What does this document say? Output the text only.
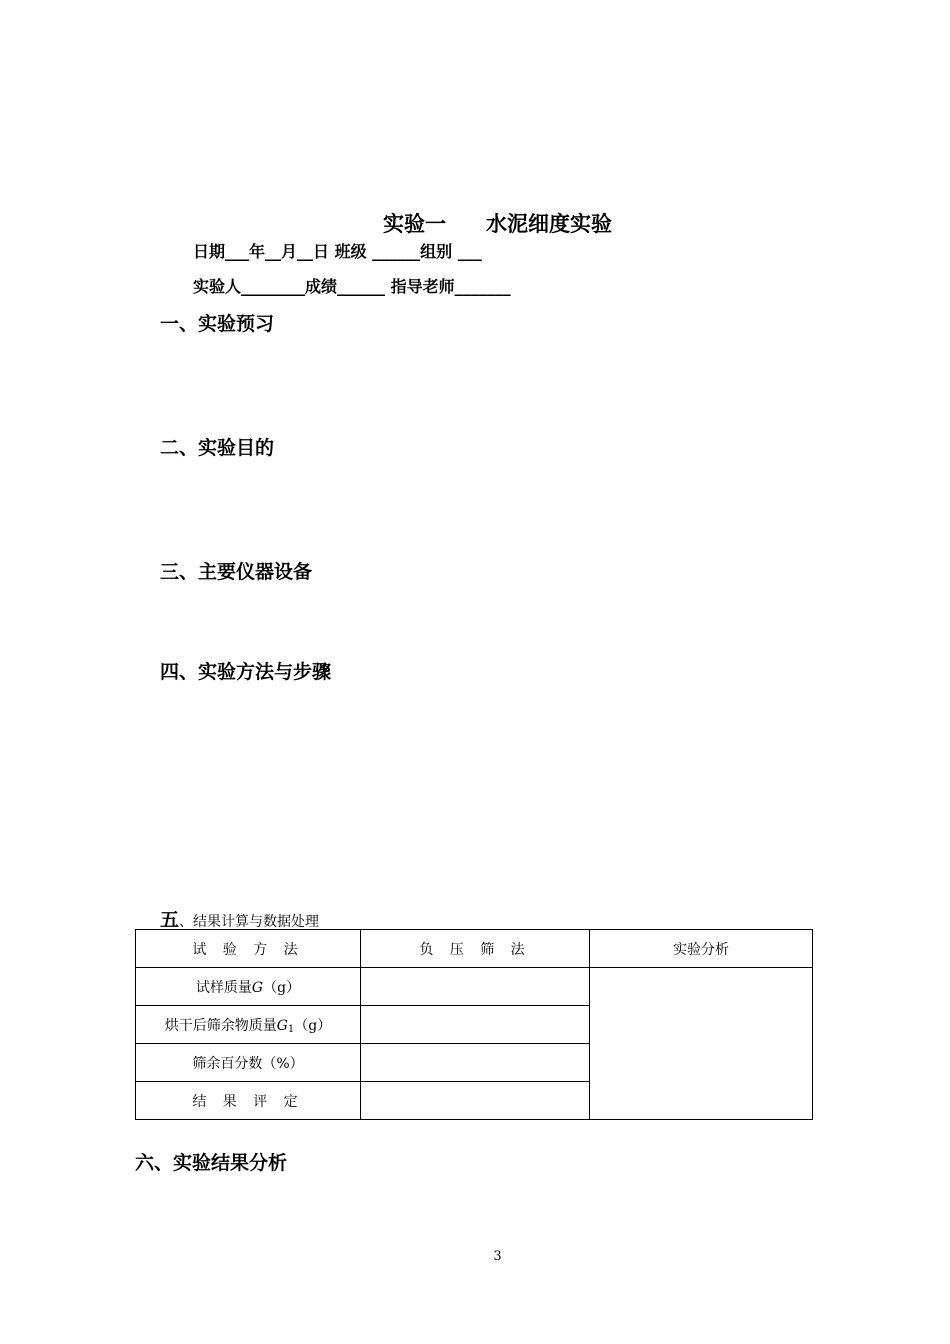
实验一 水泥细度实验
日期___年__月__日 班级 ______组别 ___
实验人________成绩______ 指导老师_______
一、实验预习
二、实验目的
三、主要仪器设备
四、实验方法与步骤
五、结果计算与数据处理
试 验 方 法	负 压 筛 法	实验分析
试样质量G（g）		
烘干后筛余物质量$G_1(g)$		
筛余百分数（%）		
结 果 评 定		
六、实验结果分析
3
